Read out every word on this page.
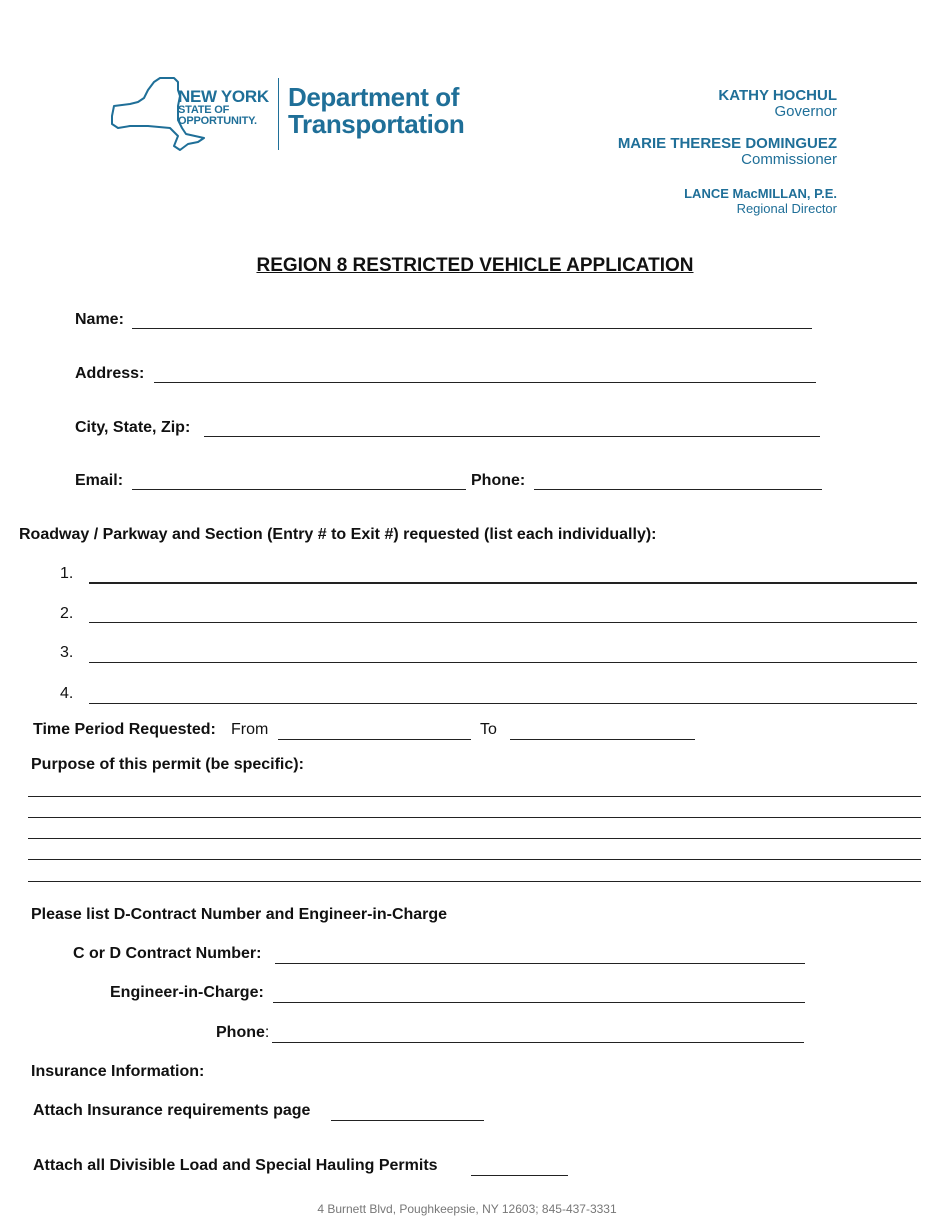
NEW YORK
STATE OF
OPPORTUNITY.
Department of
Transportation
KATHY HOCHUL
Governor
MARIE THERESE DOMINGUEZ
Commissioner
LANCE MacMILLAN, P.E.
Regional Director
REGION 8 RESTRICTED VEHICLE APPLICATION
Name:
Address:
City, State, Zip:
Email:	Phone:
Roadway / Parkway and Section (Entry # to Exit #) requested (list each individually):
1.
2.
3.
4.
Time Period Requested: From	To
Purpose of this permit (be specific):
Please list D-Contract Number and Engineer-in-Charge
C or D Contract Number:
Engineer-in-Charge:
Phone:
Insurance Information:
Attach Insurance requirements page
Attach all Divisible Load and Special Hauling Permits
4 Burnett Blvd, Poughkeepsie, NY 12603; 845-437-3331
